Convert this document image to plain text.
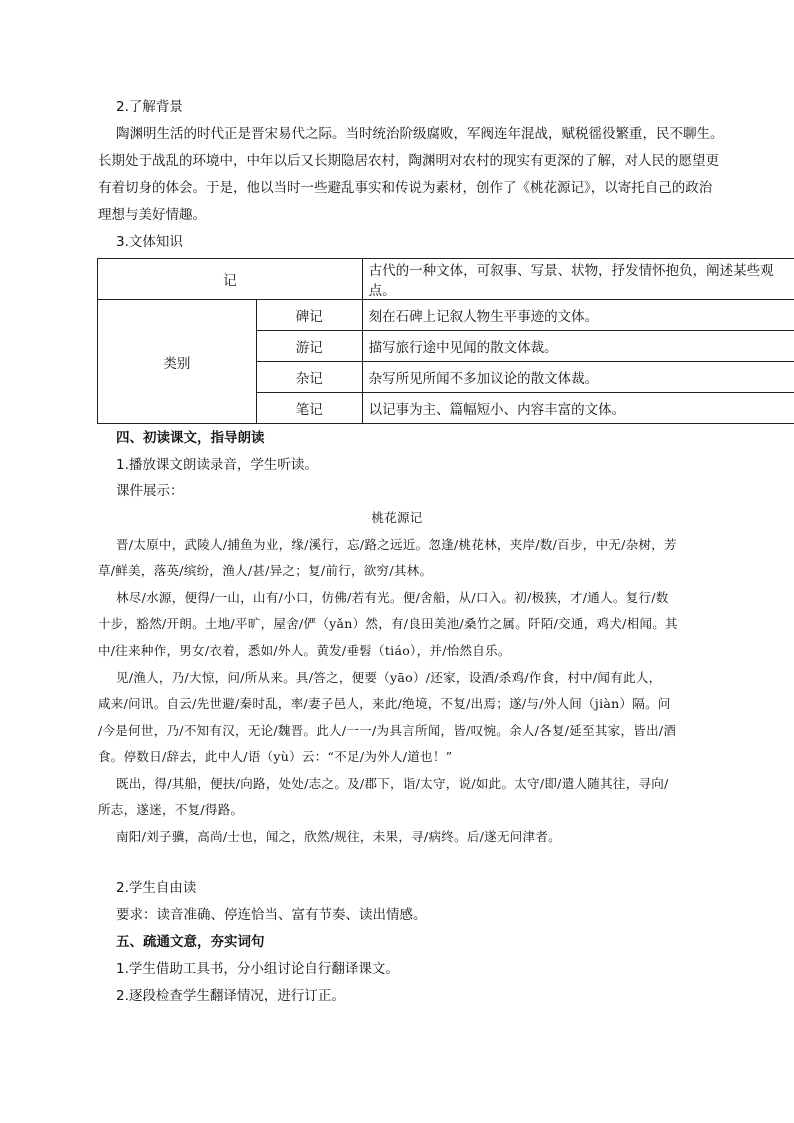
2.了解背景
陶渊明生活的时代正是晋宋易代之际。当时统治阶级腐败，军阀连年混战，赋税徭役繁重，民不聊生。
长期处于战乱的环境中，中年以后又长期隐居农村，陶渊明对农村的现实有更深的了解，对人民的愿望更
有着切身的体会。于是，他以当时一些避乱事实和传说为素材，创作了《桃花源记》，以寄托自己的政治
理想与美好情趣。
3.文体知识
记		古代的一种文体，可叙事、写景、状物，抒发情怀抱负，阐述某些观点。
类别	碑记	刻在石碑上记叙人物生平事迹的文体。
	游记	描写旅行途中见闻的散文体裁。
	杂记	杂写所见所闻不多加议论的散文体裁。
	笔记	以记事为主、篇幅短小、内容丰富的文体。
四、初读课文，指导朗读
1.播放课文朗读录音，学生听读。
课件展示：
桃花源记
晋/太原中，武陵人/捕鱼为业，缘/溪行，忘/路之远近。忽逢/桃花林，夹岸/数/百步，中无/杂树，芳
草/鲜美，落英/缤纷，渔人/甚/异之；复/前行，欲穷/其林。
林尽/水源，便得/一山，山有/小口，仿佛/若有光。便/舍船，从/口入。初/极狭，才/通人。复行/数
十步，豁然/开朗。土地/平旷，屋舍/俨（yǎn）然，有/良田美池/桑竹之属。阡陌/交通，鸡犬/相闻。其
中/往来种作，男女/衣着，悉如/外人。黄发/垂髫（tiáo），并/怡然自乐。
见/渔人，乃/大惊，问/所从来。具/答之，便要（yāo）/还家，设酒/杀鸡/作食，村中/闻有此人，
咸来/问讯。自云/先世避/秦时乱，率/妻子邑人，来此/绝境，不复/出焉；遂/与/外人间（jiàn）隔。问
/今是何世，乃/不知有汉，无论/魏晋。此人/一一/为具言所闻，皆/叹惋。余人/各复/延至其家，皆出/酒
食。停数日/辞去，此中人/语（yù）云：“不足/为外人/道也！”
既出，得/其船，便扶/向路，处处/志之。及/郡下，诣/太守，说/如此。太守/即/遣人随其往，寻向/
所志，遂迷，不复/得路。
南阳/刘子骥，高尚/士也，闻之，欣然/规往，未果，寻/病终。后/遂无问津者。
2.学生自由读
要求：读音准确、停连恰当、富有节奏、读出情感。
五、疏通文意，夯实词句
1.学生借助工具书，分小组讨论自行翻译课文。
2.逐段检查学生翻译情况，进行订正。
